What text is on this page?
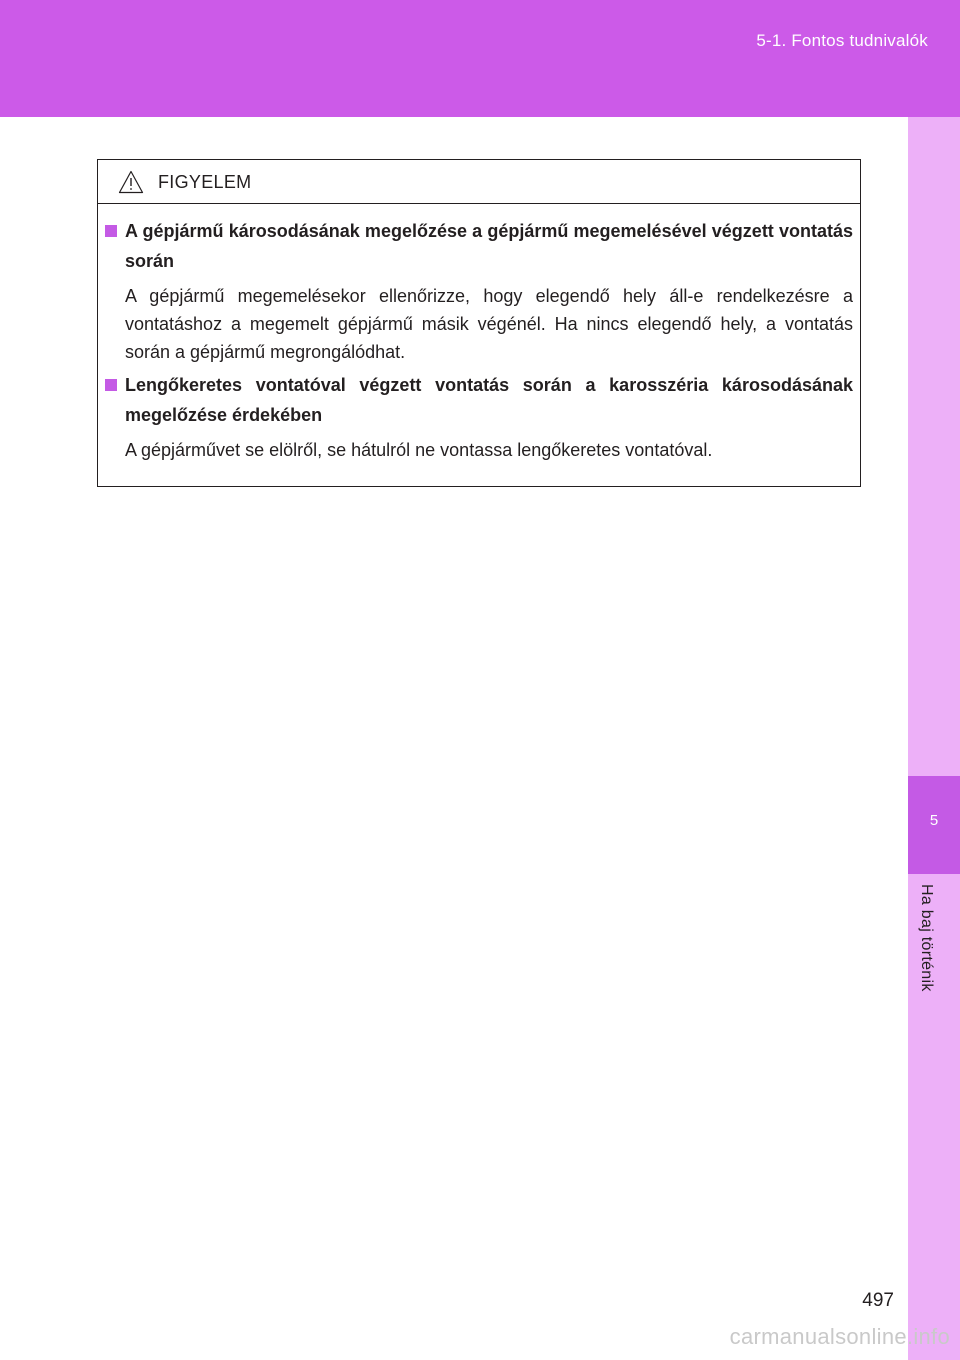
5-1. Fontos tudnivalók
5
Ha baj történik
FIGYELEM
A gépjármű károsodásának megelőzése a gépjármű megemelésével végzett vontatás során
A gépjármű megemelésekor ellenőrizze, hogy elegendő hely áll-e rendelkezésre a vontatáshoz a megemelt gépjármű másik végénél. Ha nincs elegendő hely, a vontatás során a gépjármű megrongálódhat.
Lengőkeretes vontatóval végzett vontatás során a karosszéria károsodásának megelőzése érdekében
A gépjárművet se elölről, se hátulról ne vontassa lengőkeretes vontatóval.
497
carmanualsonline.info
